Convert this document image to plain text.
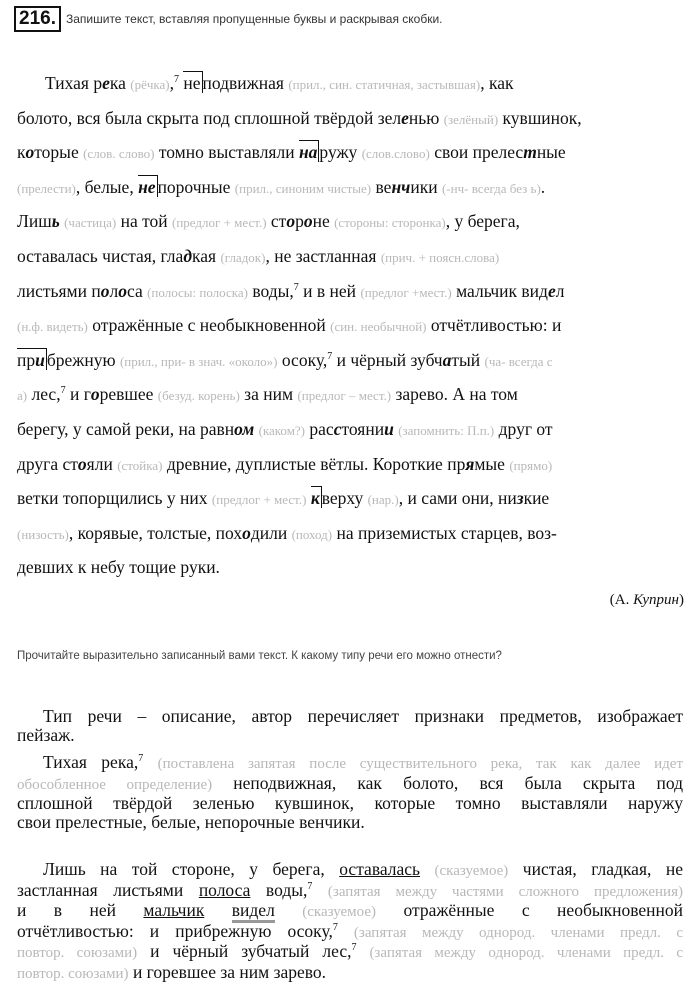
216. Запишите текст, вставляя пропущенные буквы и раскрывая скобки.
Тихая река (рёчка),$^7$ не подвижная (прил., син. статичная, застывшая), как
болото, вся была скрыта под сплошной твёрдой зеленью (зелёный) кувшинок,
которые (слов. слово) томно выставляли на ружу (слов.слово) свои прелестные
(прелести), белые, не порочные (прил., синоним чистые) венчики (-нч- всегда без ь).
Лишь (частица) на той (предлог + мест.) стороне (стороны: сторонка), у берега,
оставалась чистая, гладкая (гладок), не застланная (прич. + поясн.слова)
листьями полоса (полосы: полоска) воды,$^7$ и в ней (предлог +мест.) мальчик видел
(н.ф. видеть) отражённые с необыкновенной (син. необычной) отчётливостью: и
при брежную (прил., при- в знач. «около») осоку,$^7$ и чёрный зубчатый (ча- всегда с
а) лес,$^7$ и горевшее (безуд. корень) за ним (предлог – мест.) зарево. А на том
берегу, у самой реки, на равном (каком?) расстоянии (запомнить: П.п.) друг от
друга стояли (стойка) древние, дуплистые вётлы. Короткие прямые (прямо)
ветки топорщились у них (предлог + мест.) к верху (нар.), и сами они, низкие
(низость), корявые, толстые, походили (поход) на приземистых старцев, воз-
девших к небу тощие руки.
(А. Куприн)
Прочитайте выразительно записанный вами текст. К какому типу речи его можно отнести?
Тип речи – описание, автор перечисляет признаки предметов, изображает
пейзаж.
Тихая река,$^7$ (поставлена запятая после существительного река, так как далее идет
обособленное определение) неподвижная, как болото, вся была скрыта под
сплошной твёрдой зеленью кувшинок, которые томно выставляли наружу
свои прелестные, белые, непорочные венчики.
Лишь на той стороне, у берега, оставалась (сказуемое) чистая, гладкая, не
застланная листьями полоса воды,$^7$ (запятая между частями сложного предложения)
и в ней мальчик видел (сказуемое) отражённые с необыкновенной
отчётливостью: и прибрежную осоку,$^7$ (запятая между однород. членами предл. с
повтор. союзами) и чёрный зубчатый лес,$^7$ (запятая между однород. членами предл. с
повтор. союзами) и горевшее за ним зарево.
